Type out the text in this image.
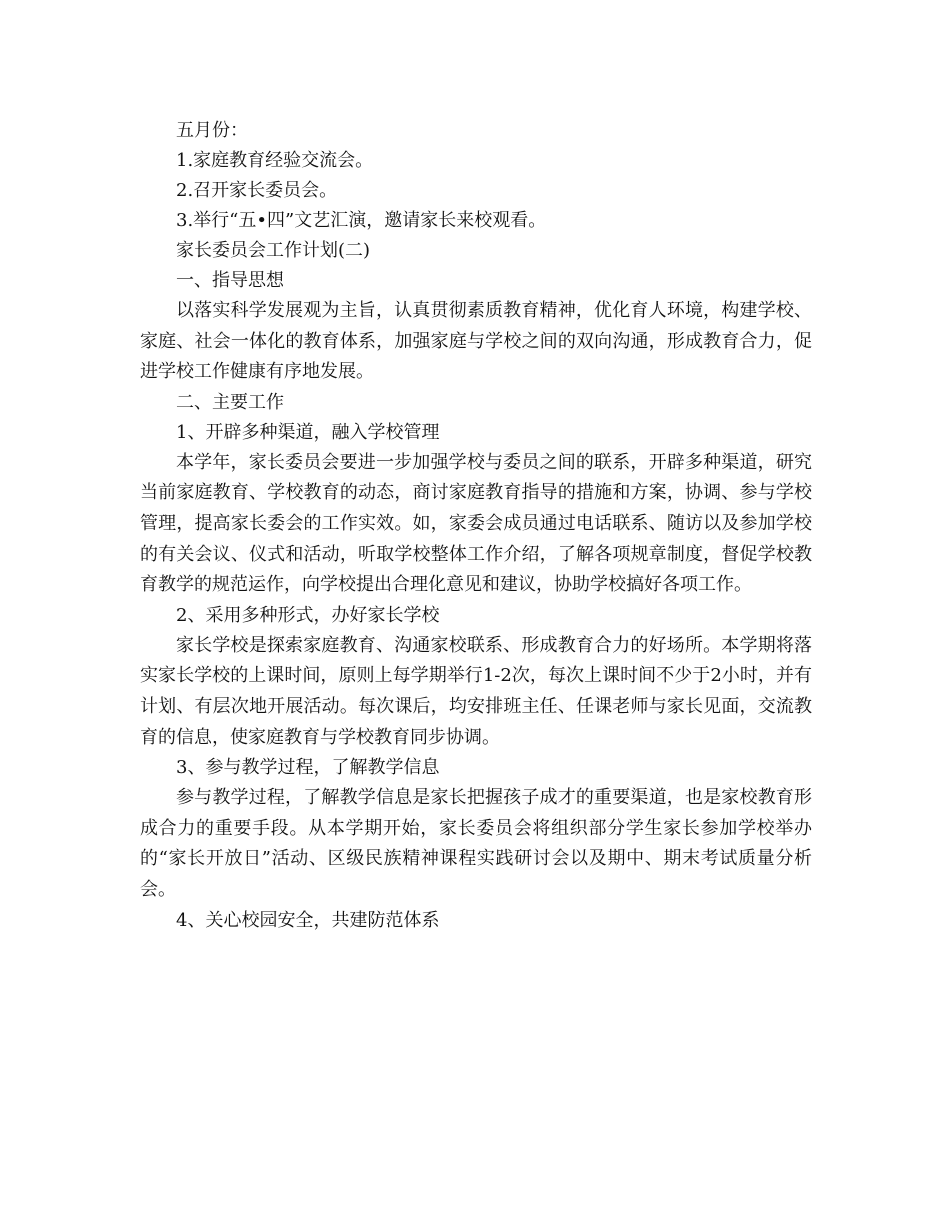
五月份：

1.家庭教育经验交流会。

2.召开家长委员会。

3.举行“五•四”文艺汇演，邀请家长来校观看。

家长委员会工作计划(二)

一、指导思想

以落实科学发展观为主旨，认真贯彻素质教育精神，优化育人环境，构建学校、家庭、社会一体化的教育体系，加强家庭与学校之间的双向沟通，形成教育合力，促进学校工作健康有序地发展。

二、主要工作

1、开辟多种渠道，融入学校管理

本学年，家长委员会要进一步加强学校与委员之间的联系，开辟多种渠道，研究当前家庭教育、学校教育的动态，商讨家庭教育指导的措施和方案，协调、参与学校管理，提高家长委会的工作实效。如，家委会成员通过电话联系、随访以及参加学校的有关会议、仪式和活动，听取学校整体工作介绍，了解各项规章制度，督促学校教育教学的规范运作，向学校提出合理化意见和建议，协助学校搞好各项工作。

2、采用多种形式，办好家长学校

家长学校是探索家庭教育、沟通家校联系、形成教育合力的好场所。本学期将落实家长学校的上课时间，原则上每学期举行1-2次，每次上课时间不少于2小时，并有计划、有层次地开展活动。每次课后，均安排班主任、任课老师与家长见面，交流教育的信息，使家庭教育与学校教育同步协调。

3、参与教学过程，了解教学信息

参与教学过程，了解教学信息是家长把握孩子成才的重要渠道，也是家校教育形成合力的重要手段。从本学期开始，家长委员会将组织部分学生家长参加学校举办的“家长开放日”活动、区级民族精神课程实践研讨会以及期中、期末考试质量分析会。

4、关心校园安全，共建防范体系
